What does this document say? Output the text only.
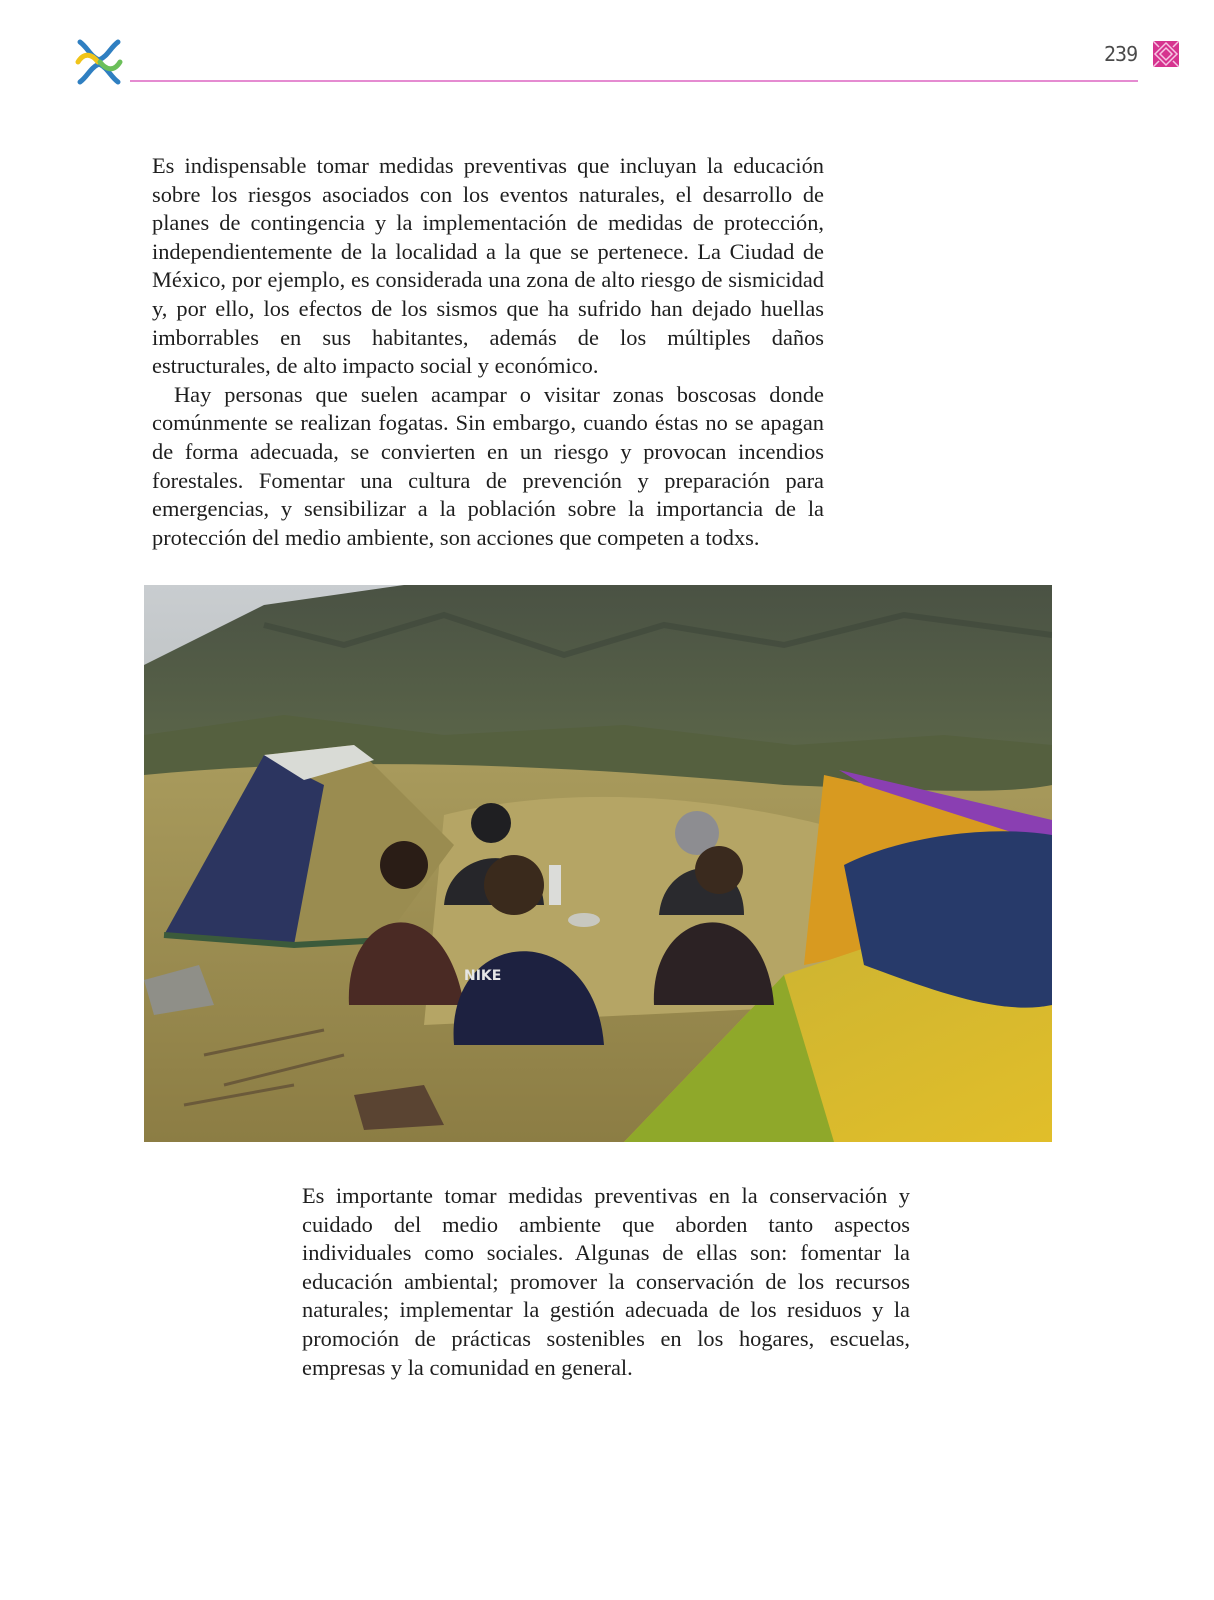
239

Es indispensable tomar medidas preventivas que incluyan la educación sobre los riesgos asociados con los eventos naturales, el desarrollo de planes de contingencia y la implementación de medidas de protección, independientemente de la localidad a la que se pertenece. La Ciudad de México, por ejemplo, es considerada una zona de alto riesgo de sismicidad y, por ello, los efectos de los sismos que ha sufrido han dejado huellas imborrables en sus habitantes, además de los múltiples daños estructurales, de alto impacto social y económico.

Hay personas que suelen acampar o visitar zonas boscosas donde comúnmente se realizan fogatas. Sin embargo, cuando éstas no se apagan de forma adecuada, se convierten en un riesgo y provocan incendios forestales. Fomentar una cultura de prevención y preparación para emergencias, y sensibilizar a la población sobre la importancia de la protección del medio ambiente, son acciones que competen a todxs.

NIKE

Es importante tomar medidas preventivas en la conservación y cuidado del medio ambiente que aborden tanto aspectos individuales como sociales. Algunas de ellas son: fomentar la educación ambiental; promover la conservación de los recursos naturales; implementar la gestión adecuada de los residuos y la promoción de prácticas sostenibles en los hogares, escuelas, empresas y la comunidad en general.
